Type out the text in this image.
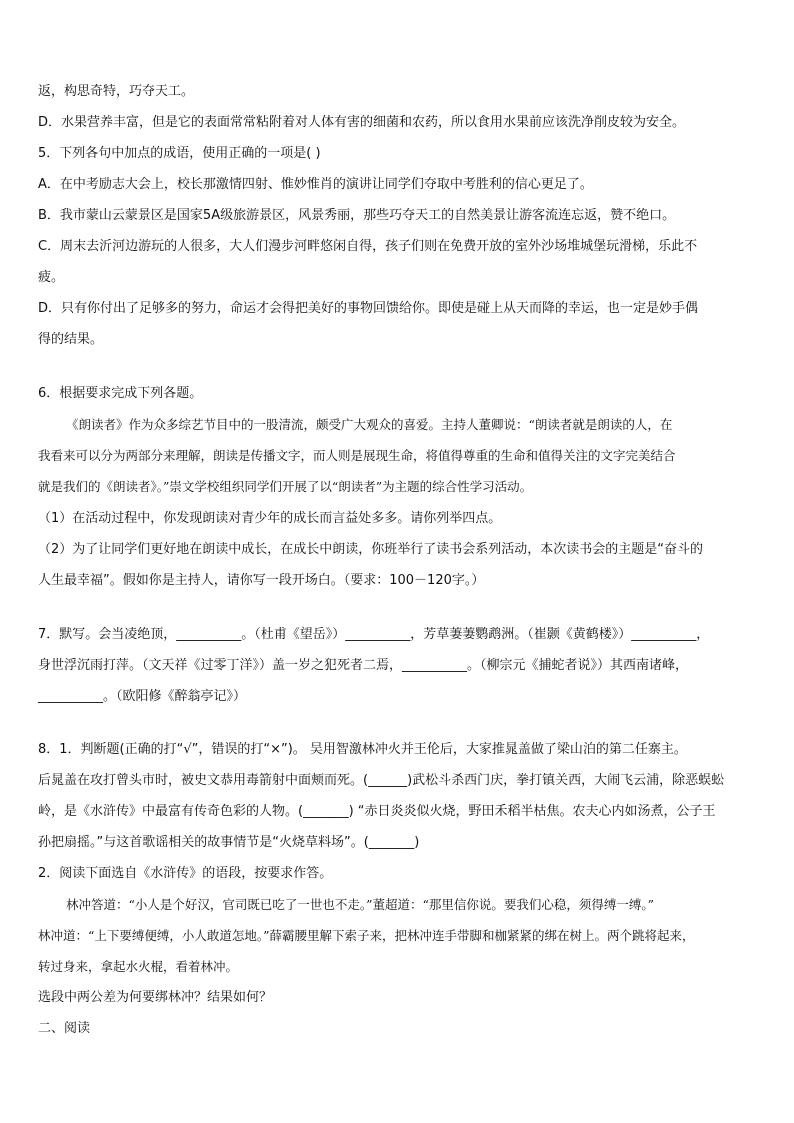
返，构思奇特，巧夺天工。
D．水果营养丰富，但是它的表面常常粘附着对人体有害的细菌和农药，所以食用水果前应该洗净削皮较为安全。
5．下列各句中加点的成语，使用正确的一项是( )
A．在中考励志大会上，校长那激情四射、惟妙惟肖的演讲让同学们夺取中考胜利的信心更足了。
B．我市蒙山云蒙景区是国家5A级旅游景区，风景秀丽，那些巧夺天工的自然美景让游客流连忘返，赞不绝口。
C．周末去沂河边游玩的人很多，大人们漫步河畔悠闲自得，孩子们则在免费开放的室外沙场堆城堡玩滑梯，乐此不
疲。
D．只有你付出了足够多的努力，命运才会得把美好的事物回馈给你。即使是碰上从天而降的幸运，也一定是妙手偶
得的结果。
6．根据要求完成下列各题。
《朗读者》作为众多综艺节目中的一股清流，颇受广大观众的喜爱。主持人董卿说：“朗读者就是朗读的人，在
我看来可以分为两部分来理解，朗读是传播文字，而人则是展现生命，将值得尊重的生命和值得关注的文字完美结合
就是我们的《朗读者》。”崇文学校组织同学们开展了以“朗读者”为主题的综合性学习活动。
（1）在活动过程中，你发现朗读对青少年的成长而言益处多多。请你列举四点。
（2）为了让同学们更好地在朗读中成长，在成长中朗读，你班举行了读书会系列活动，本次读书会的主题是“奋斗的
人生最幸福”。假如你是主持人，请你写一段开场白。（要求：100－120字。）
7．默写。会当凌绝顶，__________。（杜甫《望岳》）__________，芳草萋萋鹦鹉洲。（崔颢《黄鹤楼》）__________，
身世浮沉雨打萍。（文天祥《过零丁洋》）盖一岁之犯死者二焉，__________。（柳宗元《捕蛇者说》）其西南诸峰，
__________。（欧阳修《醉翁亭记》）
8．1．判断题(正确的打“√”，错误的打“×”)。 吴用智激林冲火并王伦后，大家推晁盖做了梁山泊的第二任寨主。
后晁盖在攻打曾头市时，被史文恭用毒箭射中面颊而死。(______)武松斗杀西门庆，拳打镇关西，大闹飞云浦，除恶蜈蚣
岭，是《水浒传》中最富有传奇色彩的人物。(_______) “赤日炎炎似火烧，野田禾稻半枯焦。农夫心内如汤煮，公子王
孙把扇摇。”与这首歌谣相关的故事情节是“火烧草料场”。(_______)
2．阅读下面选自《水浒传》的语段，按要求作答。
林冲答道：“小人是个好汉，官司既已吃了一世也不走。”董超道：“那里信你说。要我们心稳，须得缚一缚。”
林冲道：“上下要缚便缚，小人敢道怎地。”薛霸腰里解下索子来，把林冲连手带脚和枷紧紧的绑在树上。两个跳将起来，
转过身来，拿起水火棍，看着林冲。
选段中两公差为何要绑林冲？结果如何？
二、阅读
